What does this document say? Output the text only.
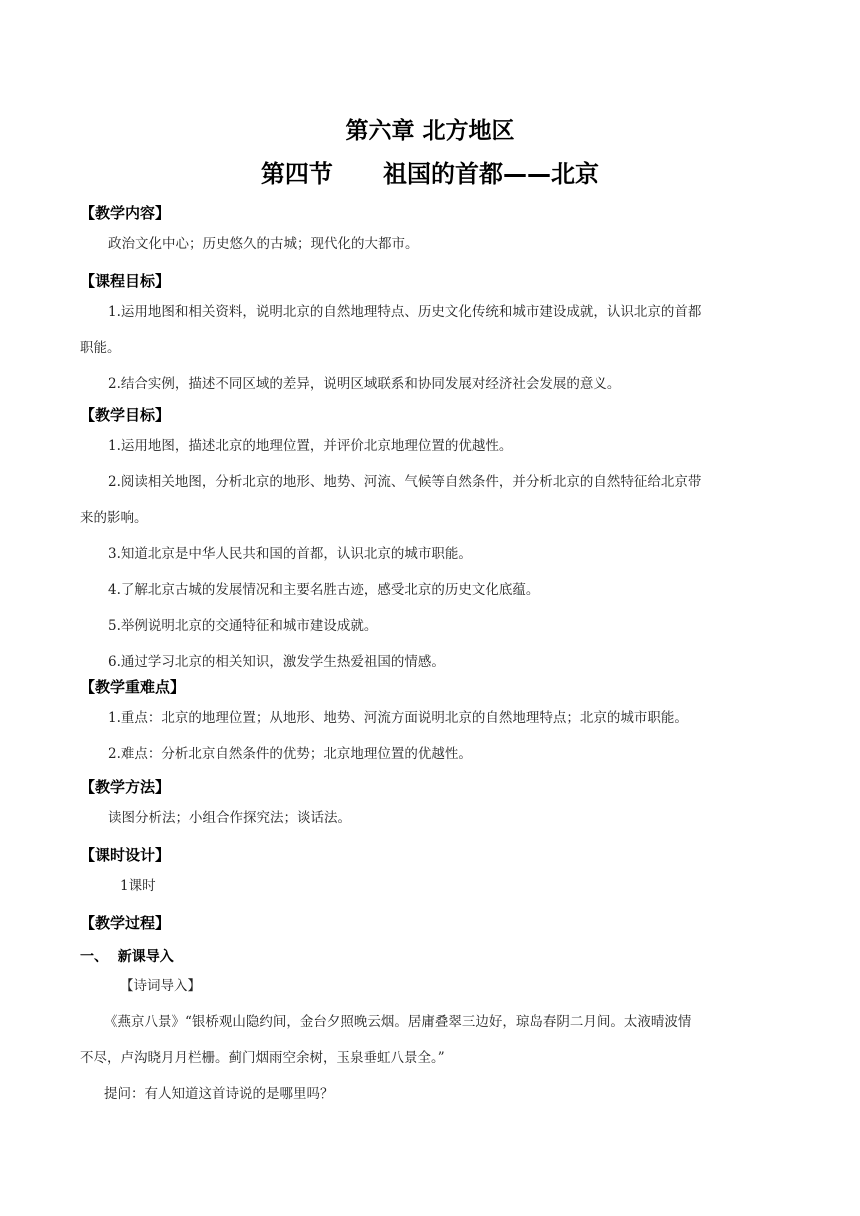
第六章 北方地区
第四节      祖国的首都——北京
【教学内容】
政治文化中心；历史悠久的古城；现代化的大都市。
【课程目标】
1.运用地图和相关资料，说明北京的自然地理特点、历史文化传统和城市建设成就，认识北京的首都
职能。
2.结合实例，描述不同区域的差异，说明区域联系和协同发展对经济社会发展的意义。
【教学目标】
1.运用地图，描述北京的地理位置，并评价北京地理位置的优越性。
2.阅读相关地图，分析北京的地形、地势、河流、气候等自然条件，并分析北京的自然特征给北京带
来的影响。
3.知道北京是中华人民共和国的首都，认识北京的城市职能。
4.了解北京古城的发展情况和主要名胜古迹，感受北京的历史文化底蕴。
5.举例说明北京的交通特征和城市建设成就。
6.通过学习北京的相关知识，激发学生热爱祖国的情感。
【教学重难点】
1.重点：北京的地理位置；从地形、地势、河流方面说明北京的自然地理特点；北京的城市职能。
2.难点：分析北京自然条件的优势；北京地理位置的优越性。
【教学方法】
读图分析法；小组合作探究法；谈话法。
【课时设计】
1课时
【教学过程】
一、  新课导入
【诗词导入】
《燕京八景》“银桥观山隐约间，金台夕照晚云烟。居庸叠翠三边好，琼岛春阴二月间。太液晴波情
不尽，卢沟晓月月栏栅。蓟门烟雨空余树，玉泉垂虹八景全。”
提问：有人知道这首诗说的是哪里吗？
